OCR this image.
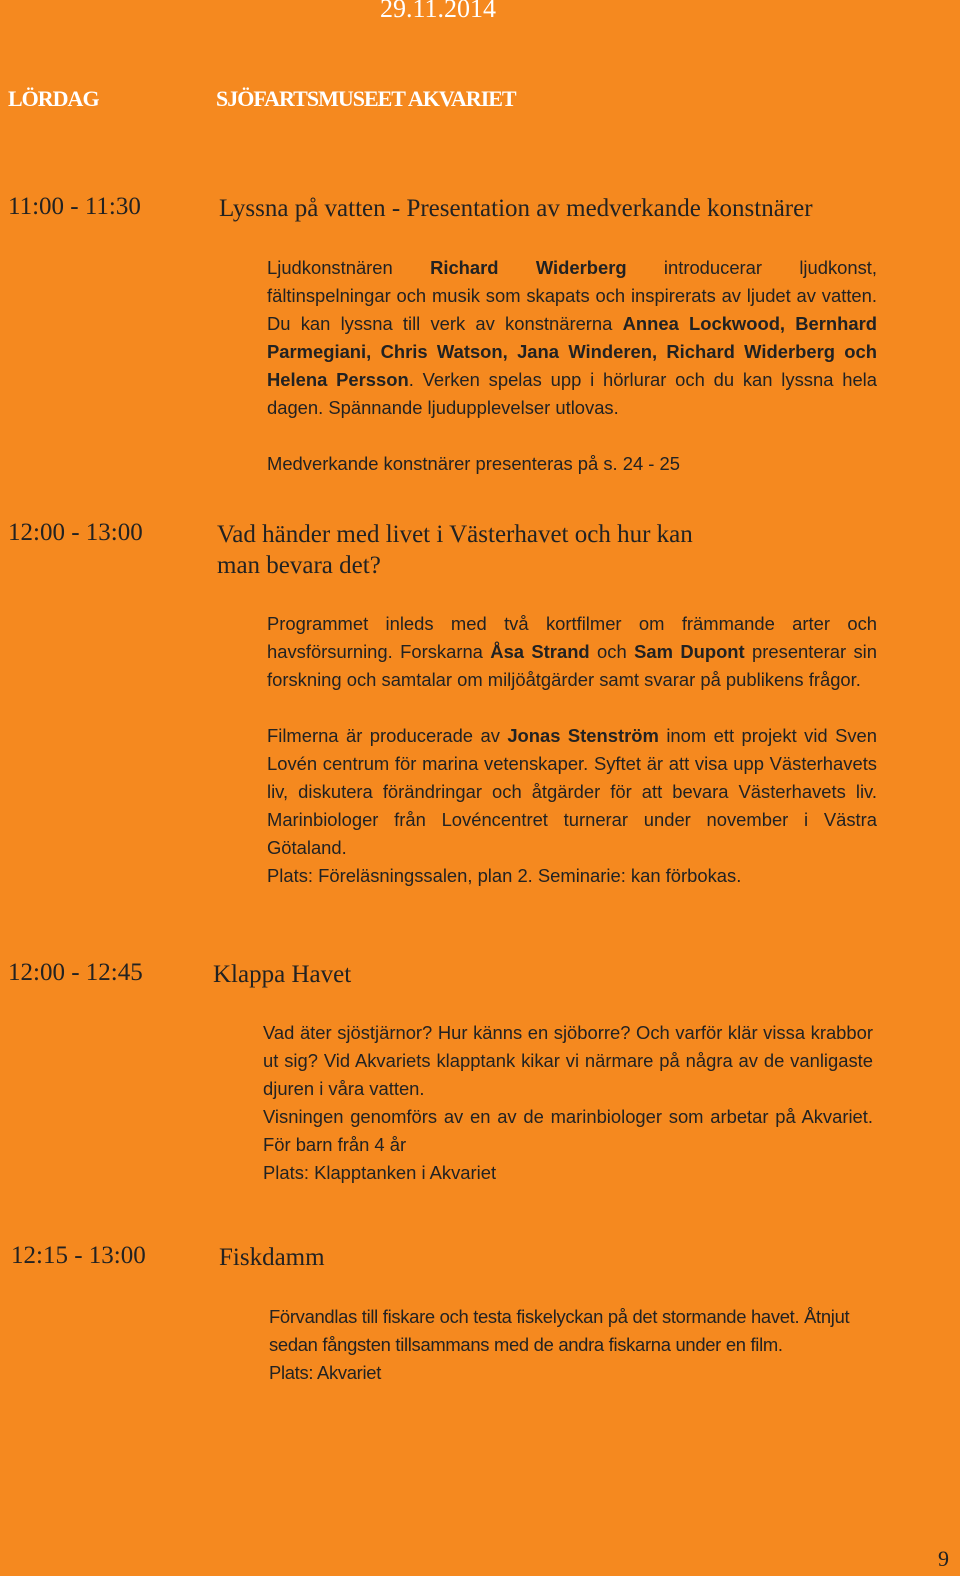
29.11.2014
LÖRDAG	SJÖFARTSMUSEET AKVARIET
11:00 - 11:30	Lyssna på vatten - Presentation av medverkande konstnärer

Ljudkonstnären Richard Widerberg introducerar ljudkonst, fältinspelningar och musik som skapats och inspirerats av ljudet av vatten. Du kan lyssna till verk av konstnärerna Annea Lockwood, Bernhard Parmegiani, Chris Watson, Jana Winderen, Richard Widerberg och Helena Persson. Verken spelas upp i hörlurar och du kan lyssna hela dagen. Spännande ljudupplevelser utlovas.

Medverkande konstnärer presenteras på s. 24 - 25

12:00 - 13:00	Vad händer med livet i Västerhavet och hur kan
man bevara det?

Programmet inleds med två kortfilmer om främmande arter och havsförsurning. Forskarna Åsa Strand och Sam Dupont presenterar sin forskning och samtalar om miljöåtgärder samt svarar på publikens frågor.

Filmerna är producerade av Jonas Stenström inom ett projekt vid Sven Lovén centrum för marina vetenskaper. Syftet är att visa upp Västerhavets liv, diskutera förändringar och åtgärder för att bevara Västerhavets liv. Marinbiologer från Lovéncentret turnerar under november i Västra Götaland.

Plats: Föreläsningssalen, plan 2. Seminarie: kan förbokas.

12:00 - 12:45	Klappa Havet

Vad äter sjöstjärnor? Hur känns en sjöborre? Och varför klär vissa krabbor ut sig? Vid Akvariets klapptank kikar vi närmare på några av de vanligaste djuren i våra vatten.

Visningen genomförs av en av de marinbiologer som arbetar på Akvariet. För barn från 4 år

Plats: Klapptanken i Akvariet

12:15 - 13:00	Fiskdamm

Förvandlas till fiskare och testa fiskelyckan på det stormande havet. Åtnjut sedan fångsten tillsammans med de andra fiskarna under en film.

Plats: Akvariet

9
